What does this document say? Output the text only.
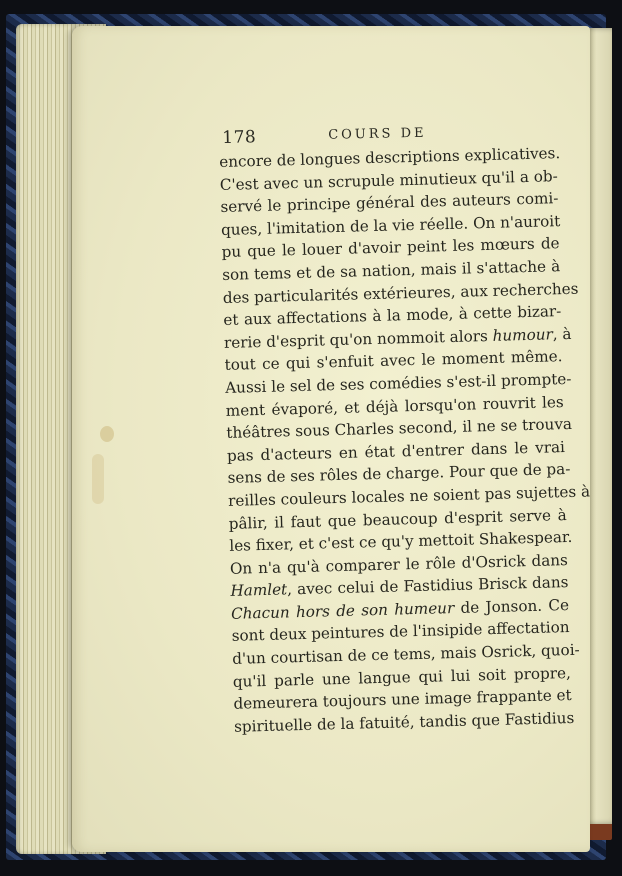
178	COURS DE
encore de longues descriptions explicatives.
C'est avec un scrupule minutieux qu'il a ob-
servé le principe général des auteurs comi-
ques, l'imitation de la vie réelle. On n'auroit
pu que le louer d'avoir peint les mœurs de
son tems et de sa nation, mais il s'attache à
des particularités extérieures, aux recherches
et aux affectations à la mode, à cette bizar-
rerie d'esprit qu'on nommoit alors humour, à
tout ce qui s'enfuit avec le moment même.
Aussi le sel de ses comédies s'est-il prompte-
ment évaporé, et déjà lorsqu'on rouvrit les
théâtres sous Charles second, il ne se trouva
pas d'acteurs en état d'entrer dans le vrai
sens de ses rôles de charge. Pour que de pa-
reilles couleurs locales ne soient pas sujettes à
pâlir, il faut que beaucoup d'esprit serve à
les fixer, et c'est ce qu'y mettoit Shakespear.
On n'a qu'à comparer le rôle d'Osrick dans
Hamlet, avec celui de Fastidius Brisck dans
Chacun hors de son humeur de Jonson. Ce
sont deux peintures de l'insipide affectation
d'un courtisan de ce tems, mais Osrick, quoi-
qu'il parle une langue qui lui soit propre,
demeurera toujours une image frappante et
spirituelle de la fatuité, tandis que Fastidius
